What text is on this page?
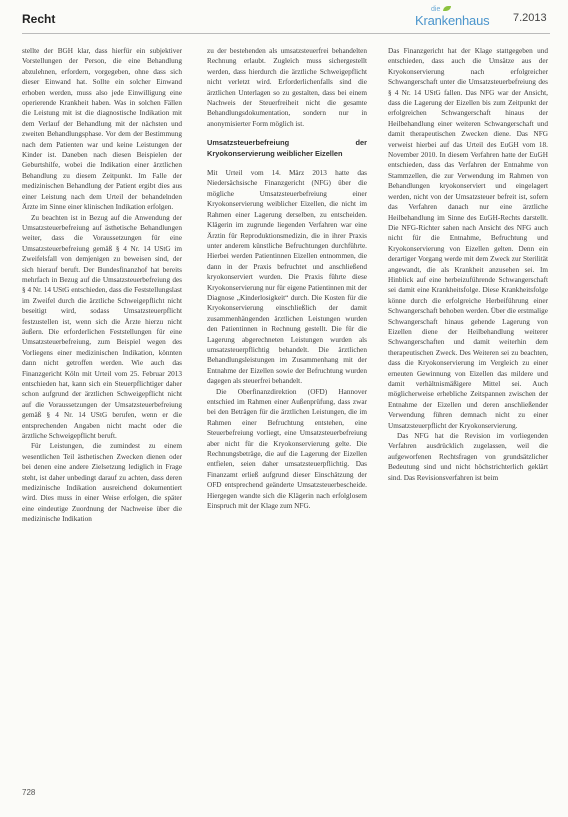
Recht
die
Krankenhaus 7.2013

stellte der BGH klar, dass hierfür ein subjektiver Vorstellungen der Person, die eine Behandlung abzulehnen, erfordern, vorgegeben, ohne dass sich dieser Einwand hat. Sollte ein solcher Einwand erhoben werden, muss also jede Einwilligung eine operierende Krankheit haben. Was in solchen Fällen die Leistung mit ist die diagnostische Indikation mit dem Verlauf der Behandlung mit der nächsten und zweiten Behandlungsphase. Vor dem der Bestimmung nach dem Patienten war und keine Leistungen der Kinder ist. Daneben nach diesen Beispielen der Geburtshilfe, wobei die Indikation einer ärztlichen Behandlung zu diesem Zeitpunkt. Im Falle der medizinischen Behandlung der Patient ergibt dies aus einer Leistung nach dem Urteil der behandelnden Ärzte im Sinne einer klinischen Indikation erfolgen.

Zu beachten ist in Bezug auf die Anwendung der Umsatzsteuerbefreiung auf ästhetische Behandlungen weiter, dass die Voraussetzungen für eine Umsatzsteuerbefreiung gemäß § 4 Nr. 14 UStG im Zweifelsfall von demjenigen zu beweisen sind, der sich hierauf beruft. Der Bundesfinanzhof hat bereits mehrfach in Bezug auf die Umsatzsteuerbefreiung des § 4 Nr. 14 UStG entschieden, dass die Feststellungslast im Zweifel durch die ärztliche Schweigepflicht nicht beseitigt wird, sodass Umsatzsteuerpflicht festzustellen ist, wenn sich die Ärzte hierzu nicht äußern. Die erforderlichen Feststellungen für eine Umsatzsteuerbefreiung, zum Beispiel wegen des Vorliegens einer medizinischen Indikation, könnten dann nicht getroffen werden. Wie auch das Finanzgericht Köln mit Urteil vom 25. Februar 2013 entschieden hat, kann sich ein Steuerpflichtiger daher schon aufgrund der ärztlichen Schweigepflicht nicht auf die Voraussetzungen der Umsatzsteuerbefreiung gemäß § 4 Nr. 14 UStG berufen, wenn er die entsprechenden Angaben nicht macht oder die ärztliche Schweigepflicht beruft.

Für Leistungen, die zumindest zu einem wesentlichen Teil ästhetischen Zwecken dienen oder bei denen eine andere Zielsetzung lediglich in Frage steht, ist daher unbedingt darauf zu achten, dass deren medizinische Indikation ausreichend dokumentiert wird. Dies muss in einer Weise erfolgen, die später eine eindeutige Zuordnung der Nachweise über die medizinische Indikation

zu der bestehenden als umsatzsteuerfrei behandelten Rechnung erlaubt. Zugleich muss sichergestellt werden, dass hierdurch die ärztliche Schweigepflicht nicht verletzt wird. Erforderlichenfalls sind die ärztlichen Unterlagen so zu gestalten, dass bei einem Nachweis der Steuerfreiheit nicht die gesamte Behandlungsdokumentation, sondern nur in anonymisierter Form möglich ist.

Umsatzsteuerbefreiung der Kryokonservierung weiblicher Eizellen

Mit Urteil vom 14. März 2013 hatte das Niedersächsische Finanzgericht (NFG) über die mögliche Umsatzsteuerbefreiung einer Kryokonservierung weiblicher Eizellen, die nicht im Rahmen einer Lagerung derselben, zu entscheiden. Klägerin im zugrunde liegenden Verfahren war eine Ärztin für Reproduktionsmedizin, die in ihrer Praxis unter anderem künstliche Befruchtungen durchführte. Hierbei werden Patientinnen Eizellen entnommen, die dann in der Praxis befruchtet und anschließend kryokonserviert wurden. Die Praxis führte diese Kryokonservierung nur für eigene Patientinnen mit der Diagnose „Kinderlosigkeit“ durch. Die Kosten für die Kryokonservierung einschließlich der damit zusammenhängenden ärztlichen Leistungen wurden den Patientinnen in Rechnung gestellt. Die für die Lagerung abgerechneten Leistungen wurden als umsatzsteuerpflichtig behandelt. Die ärztlichen Behandlungsleistungen im Zusammenhang mit der Entnahme der Eizellen sowie der Befruchtung wurden dagegen als steuerfrei behandelt.

Die Oberfinanzdirektion (OFD) Hannover entschied im Rahmen einer Außenprüfung, dass zwar bei den Beträgen für die ärztlichen Leistungen, die im Rahmen einer Befruchtung entstehen, eine Steuerbefreiung vorliegt, eine Umsatzsteuerbefreiung aber nicht für die Kryokonservierung gelte. Die Rechnungsbeträge, die auf die Lagerung der Eizellen entfielen, seien daher umsatzsteuerpflichtig. Das Finanzamt erließ aufgrund dieser Einschätzung der OFD entsprechend geänderte Umsatzsteuerbescheide. Hiergegen wandte sich die Klägerin nach erfolglosem Einspruch mit der Klage zum NFG.

Das Finanzgericht hat der Klage stattgegeben und entschieden, dass auch die Umsätze aus der Kryokonservierung nach erfolgreicher Schwangerschaft unter die Umsatzsteuerbefreiung des § 4 Nr. 14 UStG fallen. Das NFG war der Ansicht, dass die Lagerung der Eizellen bis zum Zeitpunkt der erfolgreichen Schwangerschaft hinaus der Heilbehandlung einer weiteren Schwangerschaft und damit therapeutischen Zwecken diene. Das NFG verweist hierbei auf das Urteil des EuGH vom 18. November 2010. In diesem Verfahren hatte der EuGH entschieden, dass das Verfahren der Entnahme von Stammzellen, die zur Verwendung im Rahmen von Behandlungen kryokonserviert und eingelagert werden, nicht von der Umsatzsteuer befreit ist, sofern das Verfahren danach nur eine ärztliche Heilbehandlung im Sinne des EuGH-Rechts darstellt. Die NFG-Richter sahen nach Ansicht des NFG auch nicht für die Entnahme, Befruchtung und Kryokonservierung von Eizellen gelten. Denn ein derartiger Vorgang werde mit dem Zweck zur Sterilität angewandt, die als Krankheit anzusehen sei. Im Hinblick auf eine herbeizuführende Schwangerschaft sei damit eine Krankheitsfolge. Diese Krankheitsfolge könne durch die erfolgreiche Herbeiführung einer Schwangerschaft behoben werden. Über die erstmalige Schwangerschaft hinaus gehende Lagerung von Eizellen diene der Heilbehandlung weiterer Schwangerschaften und damit weiterhin dem therapeutischen Zweck. Des Weiteren sei zu beachten, dass die Kryokonservierung im Vergleich zu einer erneuten Gewinnung von Eizellen das mildere und damit verhältnismäßigere Mittel sei. Auch möglicherweise erhebliche Zeitspannen zwischen der Entnahme der Eizellen und deren anschließender Verwendung führen demnach nicht zu einer Umsatzsteuerpflicht der Kryokonservierung.

Das NFG hat die Revision im vorliegenden Verfahren ausdrücklich zugelassen, weil die aufgeworfenen Rechtsfragen von grundsätzlicher Bedeutung sind und nicht höchstrichterlich geklärt sind. Das Revisionsverfahren ist beim

728
